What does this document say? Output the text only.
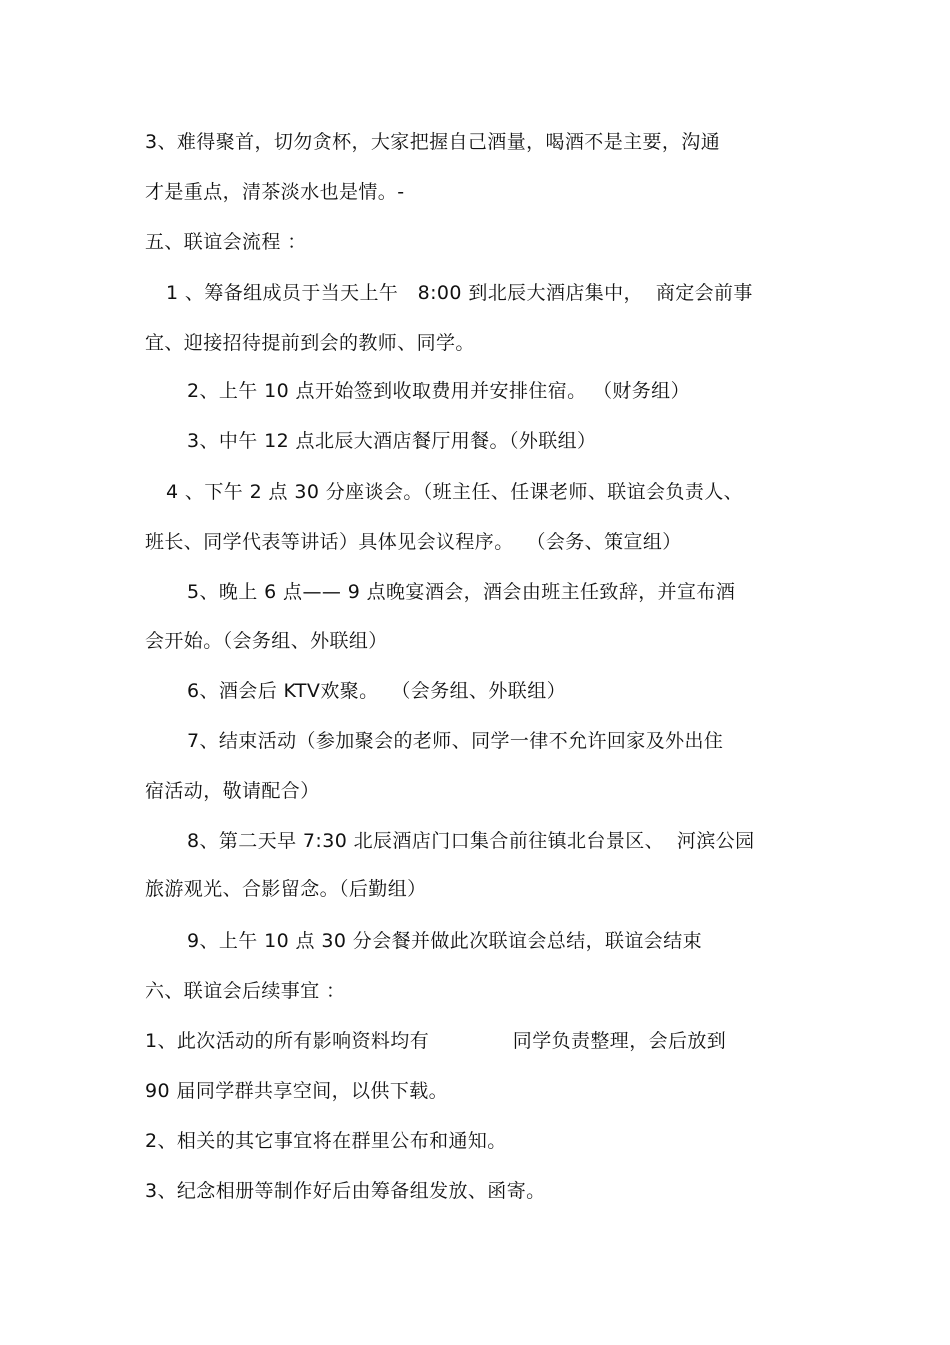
3、难得聚首，切勿贪杯，大家把握自己酒量，喝酒不是主要，沟通
才是重点，清茶淡水也是情。-
五、联谊会流程 ：
1 、筹备组成员于当天上午   8:00 到北辰大酒店集中，  商定会前事
宜、迎接招待提前到会的教师、同学。
2、上午 10 点开始签到收取费用并安排住宿。 （财务组）
3、中午 12 点北辰大酒店餐厅用餐。（外联组）
4 、下午 2 点 30 分座谈会。（班主任、任课老师、联谊会负责人、
班长、同学代表等讲话）具体见会议程序。  （会务、策宣组）
5、晚上 6 点—— 9 点晚宴酒会，酒会由班主任致辞，并宣布酒
会开始。（会务组、外联组）
6、酒会后 KTV欢聚。  （会务组、外联组）
7、结束活动（参加聚会的老师、同学一律不允许回家及外出住
宿活动，敬请配合）
8、第二天早 7:30 北辰酒店门口集合前往镇北台景区、  河滨公园
旅游观光、合影留念。（后勤组）
9、上午 10 点 30 分会餐并做此次联谊会总结，联谊会结束
六、联谊会后续事宜 ：
1、此次活动的所有影响资料均有             同学负责整理，会后放到
90 届同学群共享空间，以供下载。
2、相关的其它事宜将在群里公布和通知。
3、纪念相册等制作好后由筹备组发放、函寄。
